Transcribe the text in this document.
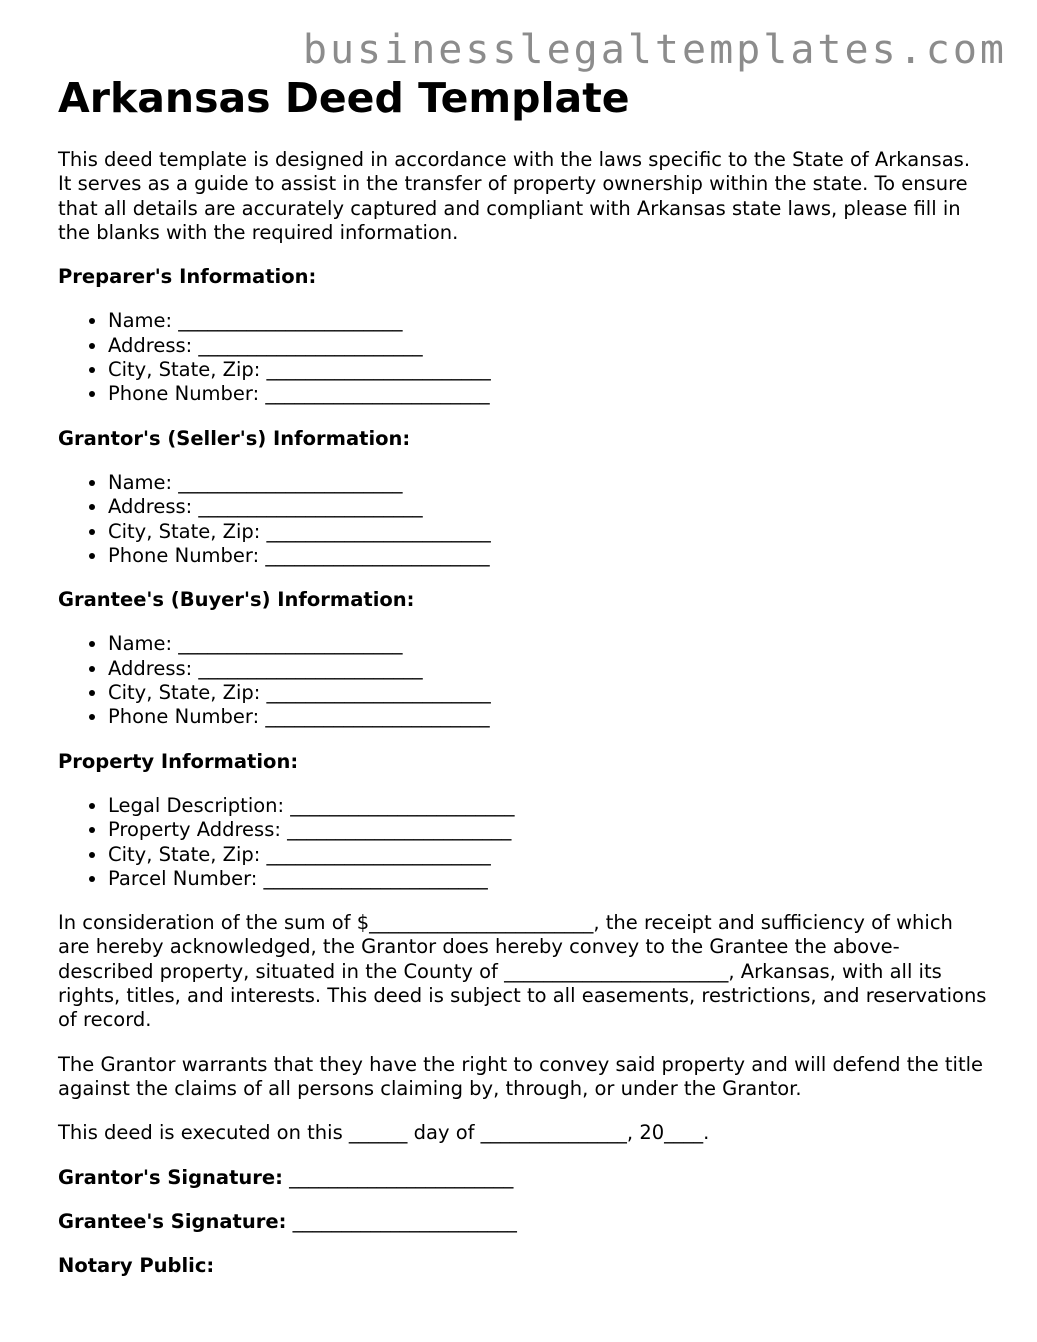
businesslegaltemplates.com
Arkansas Deed Template

This deed template is designed in accordance with the laws specific to the State of Arkansas. It serves as a guide to assist in the transfer of property ownership within the state. To ensure that all details are accurately captured and compliant with Arkansas state laws, please fill in the blanks with the required information.

Preparer's Information:

• Name: _______________________
• Address: _______________________
• City, State, Zip: _______________________
• Phone Number: _______________________

Grantor's (Seller's) Information:

• Name: _______________________
• Address: _______________________
• City, State, Zip: _______________________
• Phone Number: _______________________

Grantee's (Buyer's) Information:

• Name: _______________________
• Address: _______________________
• City, State, Zip: _______________________
• Phone Number: _______________________

Property Information:

• Legal Description: _______________________
• Property Address: _______________________
• City, State, Zip: _______________________
• Parcel Number: _______________________

In consideration of the sum of $_______________________, the receipt and sufficiency of which are hereby acknowledged, the Grantor does hereby convey to the Grantee the above-described property, situated in the County of _______________________, Arkansas, with all its rights, titles, and interests. This deed is subject to all easements, restrictions, and reservations of record.

The Grantor warrants that they have the right to convey said property and will defend the title against the claims of all persons claiming by, through, or under the Grantor.

This deed is executed on this ______ day of _______________, 20____.

Grantor's Signature: _______________________

Grantee's Signature: _______________________

Notary Public:
